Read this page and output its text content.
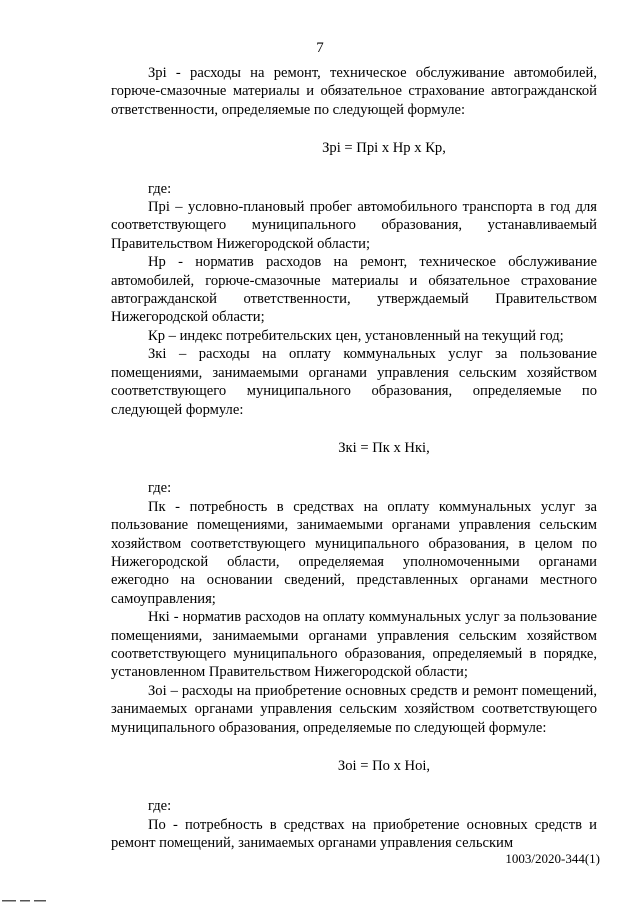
7

Зрi - расходы на ремонт, техническое обслуживание автомобилей, горюче-смазочные материалы и обязательное страхование автогражданской ответственности, определяемые по следующей формуле:

Зрi = Прi х Нр х Кр,

где:

Прi – условно-плановый пробег автомобильного транспорта в год для соответствующего муниципального образования, устанавливаемый Правительством Нижегородской области;

Нр - норматив расходов на ремонт, техническое обслуживание автомобилей, горюче-смазочные материалы и обязательное страхование автогражданской ответственности, утверждаемый Правительством Нижегородской области;

Кр – индекс потребительских цен, установленный на текущий год;

Зкi – расходы на оплату коммунальных услуг за пользование помещениями, занимаемыми органами управления сельским хозяйством соответствующего муниципального образования, определяемые по следующей формуле:

Зкi = Пк х Нкi,

где:

Пк - потребность в средствах на оплату коммунальных услуг за пользование помещениями, занимаемыми органами управления сельским хозяйством соответствующего муниципального образования, в целом по Нижегородской области, определяемая уполномоченными органами ежегодно на основании сведений, представленных органами местного самоуправления;

Нкi - норматив расходов на оплату коммунальных услуг за пользование помещениями, занимаемыми органами управления сельским хозяйством соответствующего муниципального образования, определяемый в порядке, установленном Правительством Нижегородской области;

Зоi – расходы на приобретение основных средств и ремонт помещений, занимаемых органами управления сельским хозяйством соответствующего муниципального образования, определяемые по следующей формуле:

Зоi = По х Ноi,

где:

По - потребность в средствах на приобретение основных средств и ремонт помещений, занимаемых органами управления сельским

1003/2020-344(1)
